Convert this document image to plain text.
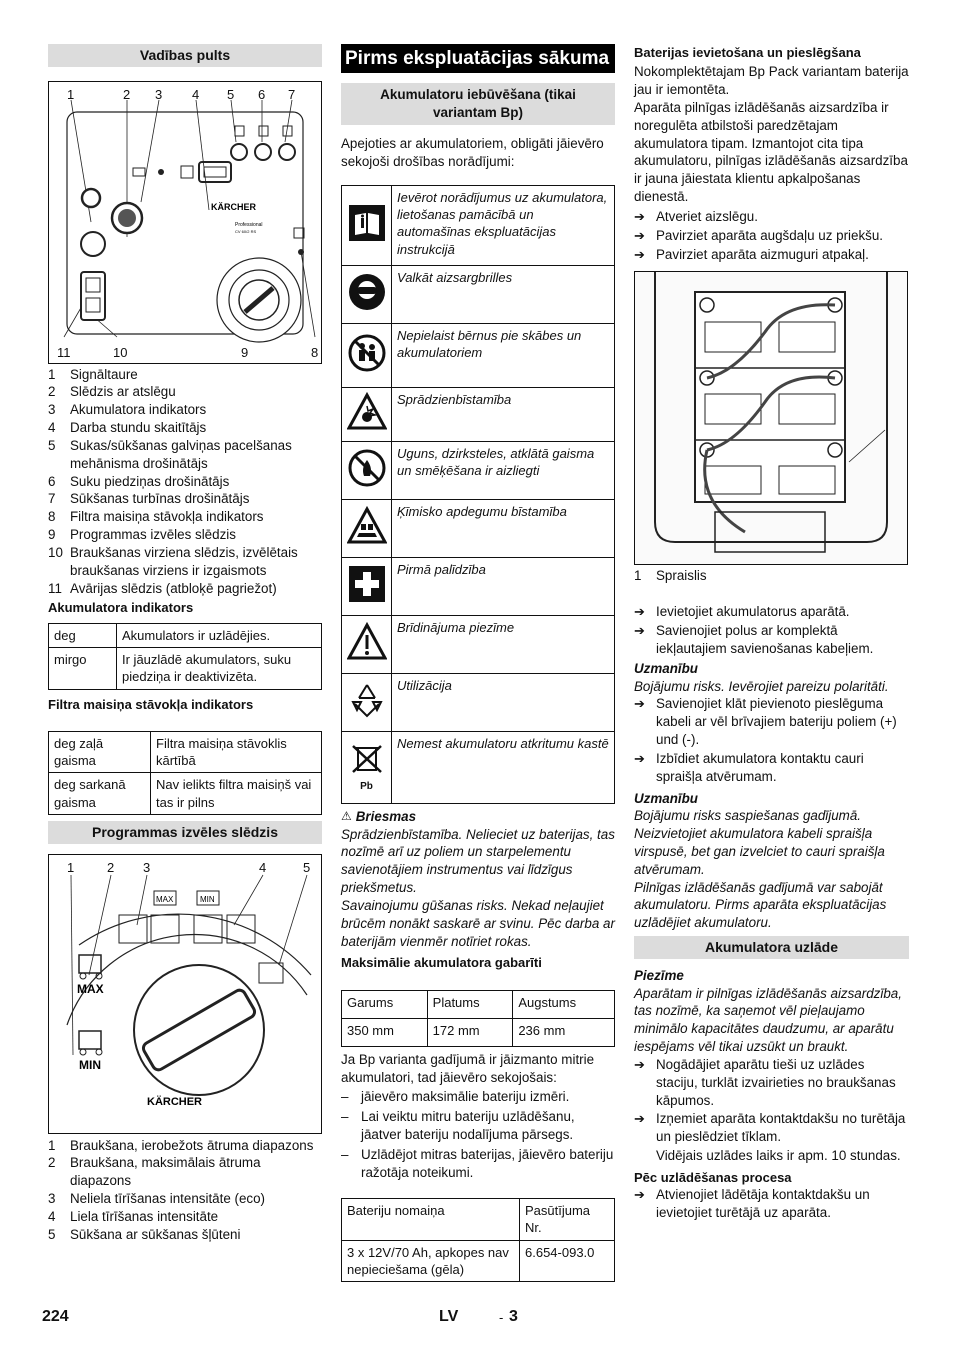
Vadības pults
1	2 3 4 5 6 7
11	10	9	8
KÄRCHER
Professional
CV 60/2 RS
1	Signāltaure
2	Slēdzis ar atslēgu
3	Akumulatora indikators
4	Darba stundu skaitītājs
5	Sukas/sūkšanas galviņas pacelšanas mehānisma drošinātājs
6	Suku piedziņas drošinātājs
7	Sūkšanas turbīnas drošinātājs
8	Filtra maisiņa stāvokļa indikators
9	Programmas izvēles slēdzis
10 Braukšanas virziena slēdzis, izvēlētais braukšanas virziens ir izgaismots
11 Avārijas slēdzis (atbloķē pagriežot)
Akumulatora indikators
deg	Akumulators ir uzlādējies.
mirgo	Ir jāuzlādē akumulators, suku piedziņa ir deaktivizēta.
Filtra maisiņa stāvokļa indikators
deg zaļā gaisma	Filtra maisiņa stāvoklis kārtībā
deg sarkanā gaisma	Nav ielikts filtra maisiņš vai tas ir pilns
Programmas izvēles slēdzis
1	2 3	4	5
MAX	MIN
MAX
MIN
KÄRCHER
1	Braukšana, ierobežots ātruma diapazons
2	Braukšana, maksimālais ātruma diapazons
3	Neliela tīrīšanas intensitāte (eco)
4	Liela tīrīšanas intensitāte
5	Sūkšana ar sūkšanas šļūteni
Pirms ekspluatācijas sākuma
Akumulatoru iebūvēšana (tikai variantam Bp)

Apejoties ar akumulatoriem, obligāti jāievēro sekojoši drošības norādījumi:

	Ievērot norādījumus uz akumulatora, lietošanas pamācībā un automašīnas ekspluatācijas instrukcijā
	Valkāt aizsargbrilles
	Nepielaist bērnus pie skābes un akumulatoriem
	Sprādzienbīstamība
	Uguns, dzirksteles, atklātā gaisma un smēķēšana ir aizliegti
	Ķīmisko apdegumu bīstamība
	Pirmā palīdzība
	Brīdinājuma piezīme
	Utilizācija

Pb	Nemest akumulatoru atkritumu kastē
⚠ Briesmas

Sprādzienbīstamība. Nelieciet uz baterijas, tas nozīmē arī uz poliem un starpelementu savienotājiem instrumentus vai līdzīgus priekšmetus.

Savainojumu gūšanas risks. Nekad neļaujiet brūcēm nonākt saskarē ar svinu. Pēc darba ar baterijām vienmēr notīriet rokas.

Maksimālie akumulatora gabarīti
Garums	Platums	Augstums
350 mm	172 mm	236 mm

Ja Bp varianta gadījumā ir jāizmanto mitrie akumulatori, tad jāievēro sekojošais:

– jāievēro maksimālie bateriju izmēri.
– Lai veiktu mitru bateriju uzlādēšanu, jāatver bateriju nodalījuma pārsegs.
– Uzlādējot mitras baterijas, jāievēro bateriju ražotāja noteikumi.
Bateriju nomaiņa	Pasūtījuma Nr.
3 x 12V/70 Ah, apkopes nav nepieciešama (gēla)	6.654-093.0
Baterijas ievietošana un pieslēgšana

Nokomplektētajam Bp Pack variantam baterija jau ir iemontēta.

Aparāta pilnīgas izlādēšanās aizsardzība ir noregulēta atbilstoši paredzētajam akumulatora tipam. Izmantojot cita tipa akumulatoru, pilnīgas izlādēšanās aizsardzība ir jauna jāiestata klientu apkalpošanas dienestā.

➔ Atveriet aizslēgu.
➔ Pavirziet aparāta augšdaļu uz priekšu.
➔ Pavirziet aparāta aizmuguri atpakaļ.
1	Spraislis
➔ Ievietojiet akumulatorus aparātā.
➔ Savienojiet polus ar komplektā iekļautajiem savienošanas kabeļiem.
Uzmanību

Bojājumu risks. Ievērojiet pareizu polaritāti.

➔ Savienojiet klāt pievienoto pieslēguma kabeli ar vēl brīvajiem bateriju poliem (+) und (-).
➔ Izbīdiet akumulatora kontaktu cauri spraišļa atvērumam.
Uzmanību

Bojājumu risks saspiešanas gadījumā. Neizvietojiet akumulatora kabeli spraišļa virspusē, bet gan izvelciet to cauri spraišļa atvērumam.

Pilnīgas izlādēšanās gadījumā var sabojāt akumulatoru. Pirms aparāta ekspluatācijas uzlādējiet akumulatoru.

Akumulatora uzlāde
Piezīme

Aparātam ir pilnīgas izlādēšanās aizsardzība, tas nozīmē, ka saņemot vēl pieļaujamo minimālo kapacitātes daudzumu, ar aparātu iespējams vēl tikai uzsūkt un braukt.

➔ Nogādājiet aparātu tieši uz uzlādes staciju, turklāt izvairieties no braukšanas kāpumos.
➔ Izņemiet aparāta kontaktdakšu no turētāja un pieslēdziet tīklam.

Vidējais uzlādes laiks ir apm. 10 stundas.

Pēc uzlādēšanas procesa
➔ Atvienojiet lādētāja kontaktdakšu un ievietojiet turētājā uz aparāta.
224	LV	- 3
